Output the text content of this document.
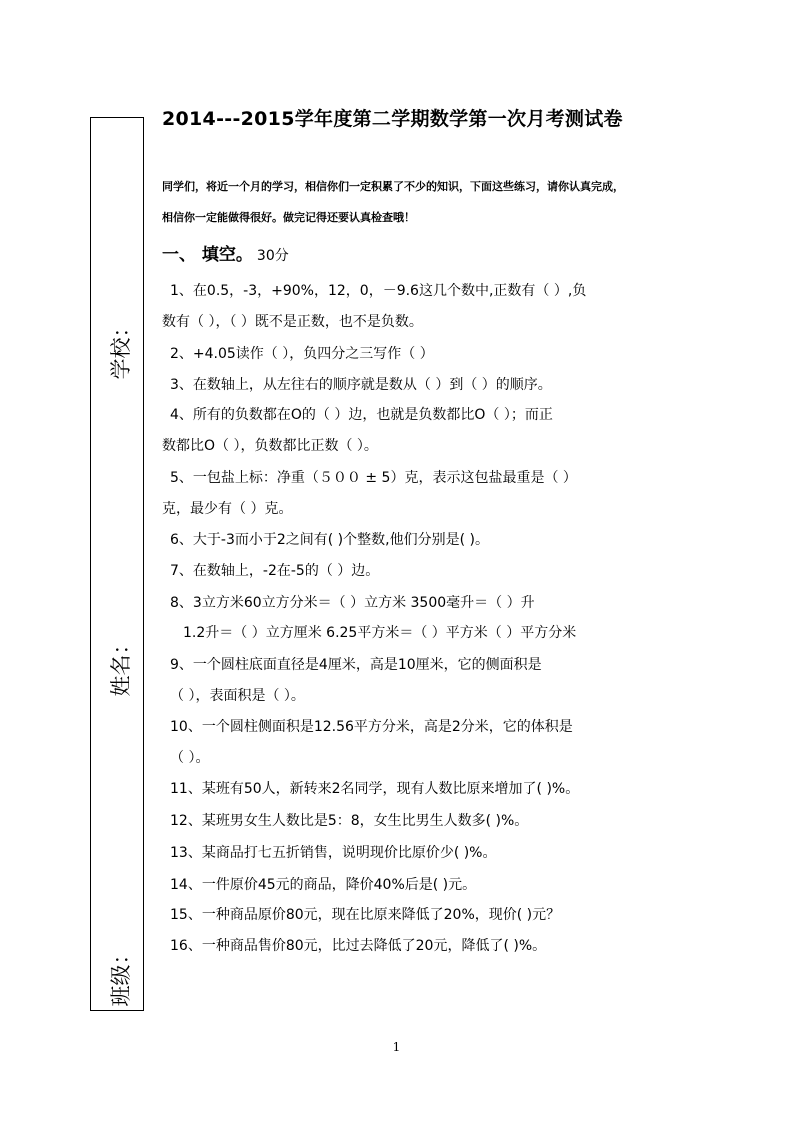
学校：
姓名：
班级：
2014---2015学年度第二学期数学第一次月考测试卷
同学们，将近一个月的学习，相信你们一定积累了不少的知识，下面这些练习，请你认真完成，
相信你一定能做得很好。做完记得还要认真检查哦！
一、 填空。 30分
1、在0.5，-3，+90%，12，0，－9.6这几个数中,正数有（ ）,负
数有（ ），（ ）既不是正数，也不是负数。
2、+4.05读作（ ），负四分之三写作（ ）
3、在数轴上，从左往右的顺序就是数从（ ）到（ ）的顺序。
4、所有的负数都在O的（ ）边，也就是负数都比O（ ）；而正
数都比O（ ），负数都比正数（ ）。
5、一包盐上标：净重（５００ ± 5）克，表示这包盐最重是（ ）
克，最少有（ ）克。
6、大于-3而小于2之间有( )个整数,他们分别是( )。
7、在数轴上，-2在-5的（ ）边。
8、3立方米60立方分米＝（ ）立方米 3500毫升＝（ ）升
1.2升＝（ ）立方厘米 6.25平方米＝（ ）平方米（ ）平方分米
9、一个圆柱底面直径是4厘米，高是10厘米，它的侧面积是
（ ），表面积是（ ）。
10、一个圆柱侧面积是12.56平方分米，高是2分米，它的体积是
（ ）。
11、某班有50人，新转来2名同学，现有人数比原来增加了( )%。
12、某班男女生人数比是5：8，女生比男生人数多( )%。
13、某商品打七五折销售，说明现价比原价少( )%。
14、一件原价45元的商品，降价40%后是( )元。
15、一种商品原价80元，现在比原来降低了20%，现价( )元？
16、一种商品售价80元，比过去降低了20元，降低了( )%。
1
